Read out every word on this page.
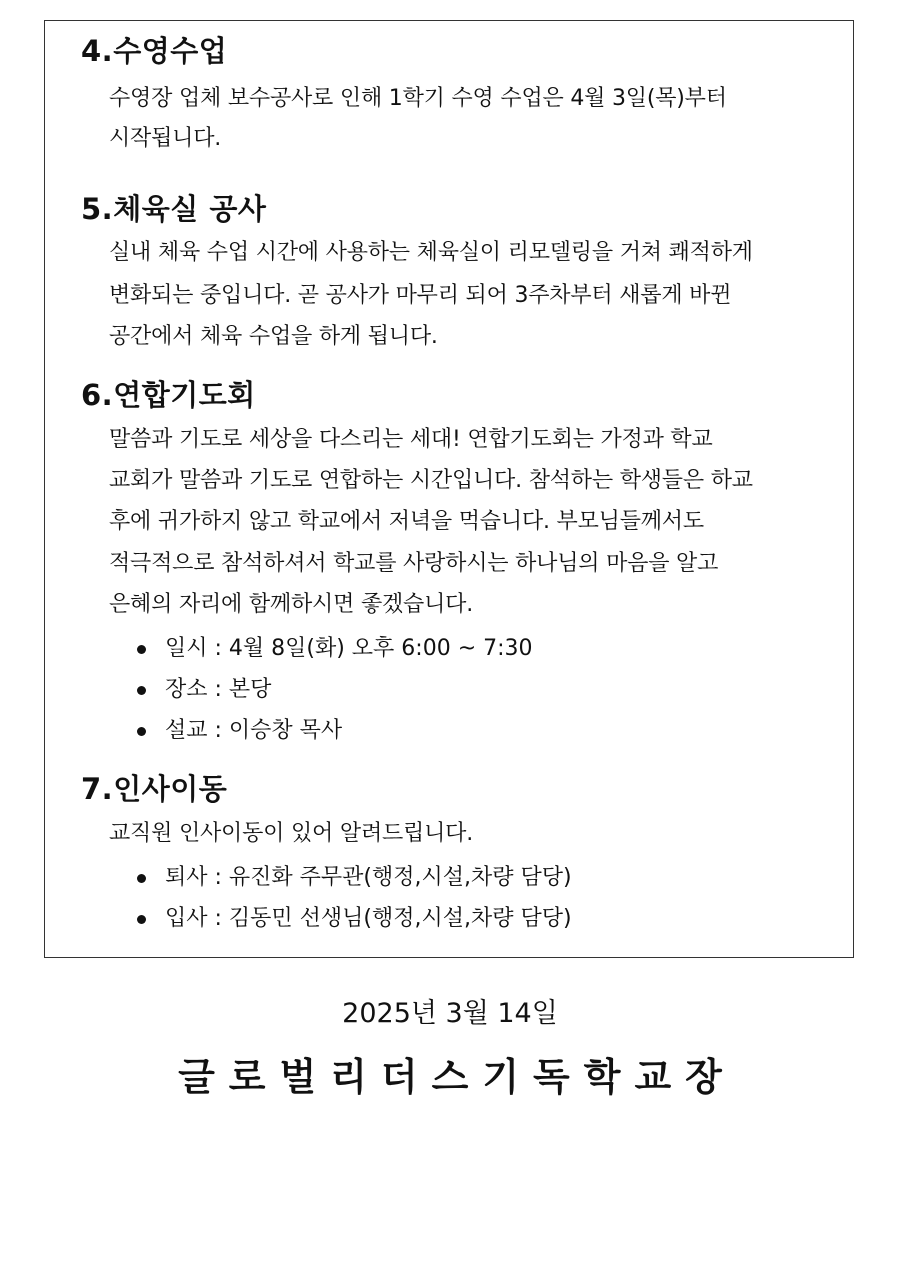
4.수영수업

수영장 업체 보수공사로 인해 1학기 수영 수업은 4월 3일(목)부터

시작됩니다.

5.체육실 공사

실내 체육 수업 시간에 사용하는 체육실이 리모델링을 거쳐 쾌적하게

변화되는 중입니다. 곧 공사가 마무리 되어 3주차부터 새롭게 바뀐

공간에서 체육 수업을 하게 됩니다.

6.연합기도회

말씀과 기도로 세상을 다스리는 세대! 연합기도회는 가정과 학교

교회가 말씀과 기도로 연합하는 시간입니다. 참석하는 학생들은 하교

후에 귀가하지 않고 학교에서 저녁을 먹습니다. 부모님들께서도

적극적으로 참석하셔서 학교를 사랑하시는 하나님의 마음을 알고

은혜의 자리에 함께하시면 좋겠습니다.

일시 : 4월 8일(화) 오후 6:00 ~ 7:30
장소 : 본당
설교 : 이승창 목사
7.인사이동

교직원 인사이동이 있어 알려드립니다.

퇴사 : 유진화 주무관(행정,시설,차량 담당)
입사 : 김동민 선생님(행정,시설,차량 담당)

2025년 3월 14일

글로벌리더스기독학교장
